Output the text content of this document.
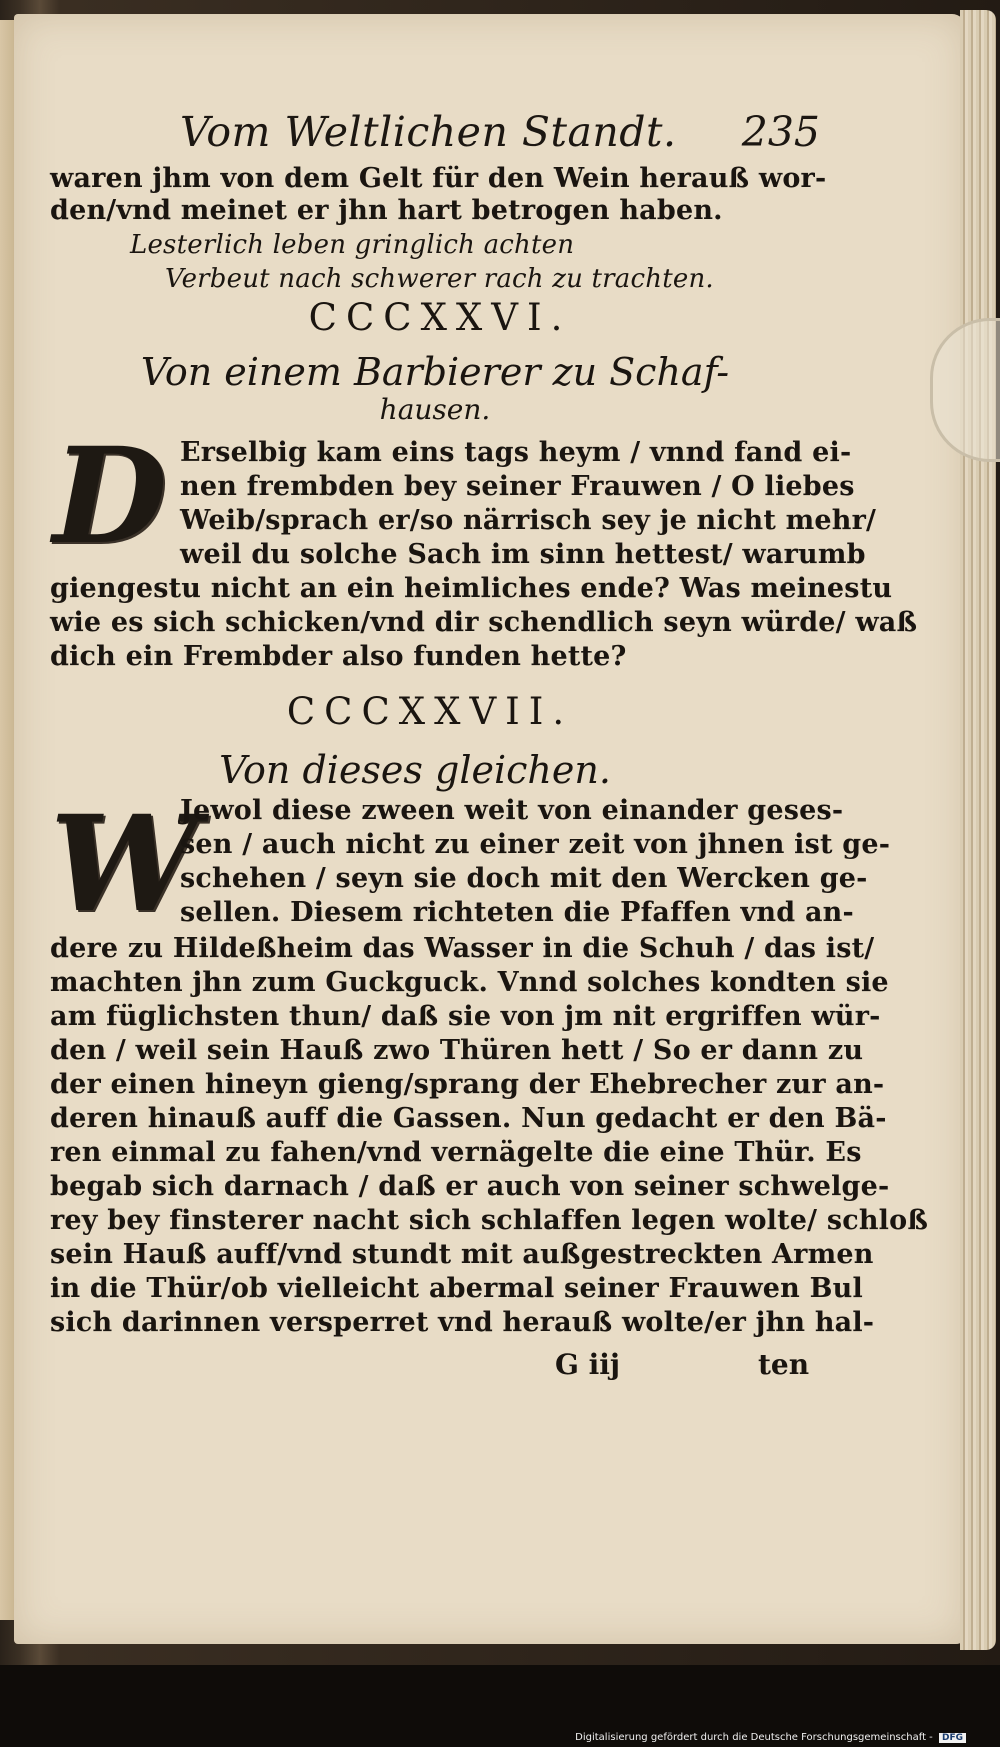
Vom Weltlichen Standt. 235
waren jhm von dem Gelt für den Wein herauß wor-
den/vnd meinet er jhn hart betrogen haben.
Lesterlich leben gringlich achten
Verbeut nach schwerer rach zu trachten.
CCCXXVI.
Von einem Barbierer zu Schaf-
hausen.
D Erselbig kam eins tags heym / vnnd fand ei-
nen frembden bey seiner Frauwen / O liebes
Weib/sprach er/so närrisch sey je nicht mehr/
weil du solche Sach im sinn hettest/ warumb
giengestu nicht an ein heimliches ende? Was meinestu
wie es sich schicken/vnd dir schendlich seyn würde/ waß
dich ein Frembder also funden hette?
CCCXXVII.
Von dieses gleichen.
W
Jewol diese zween weit von einander geses-
sen / auch nicht zu einer zeit von jhnen ist ge-
schehen / seyn sie doch mit den Wercken ge-
sellen. Diesem richteten die Pfaffen vnd an-
dere zu Hildeßheim das Wasser in die Schuh / das ist/
machten jhn zum Guckguck. Vnnd solches kondten sie
am füglichsten thun/ daß sie von jm nit ergriffen wür-
den / weil sein Hauß zwo Thüren hett / So er dann zu
der einen hineyn gieng/sprang der Ehebrecher zur an-
deren hinauß auff die Gassen. Nun gedacht er den Bä-
ren einmal zu fahen/vnd vernägelte die eine Thür. Es
begab sich darnach / daß er auch von seiner schwelge-
rey bey finsterer nacht sich schlaffen legen wolte/ schloß
sein Hauß auff/vnd stundt mit außgestreckten Armen
in die Thür/ob vielleicht abermal seiner Frauwen Bul
sich darinnen versperret vnd herauß wolte/er jhn hal-
G iij	ten
Digitalisierung gefördert durch die Deutsche Forschungsgemeinschaft - DFG
